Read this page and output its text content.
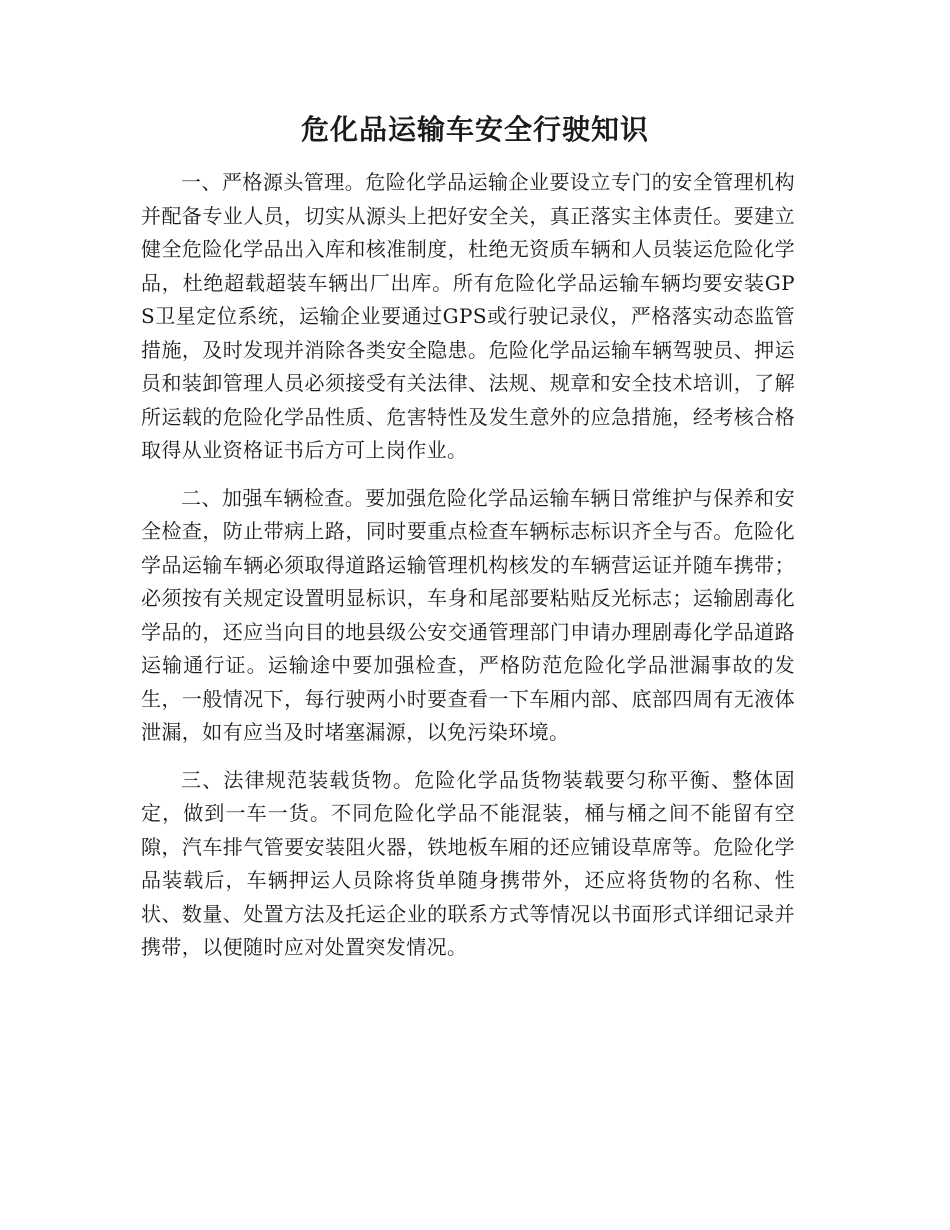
危化品运输车安全行驶知识

一、严格源头管理。危险化学品运输企业要设立专门的安全管理机构并配备专业人员，切实从源头上把好安全关，真正落实主体责任。要建立健全危险化学品出入库和核准制度，杜绝无资质车辆和人员装运危险化学品，杜绝超载超装车辆出厂出库。所有危险化学品运输车辆均要安装GPS卫星定位系统，运输企业要通过GPS或行驶记录仪，严格落实动态监管措施，及时发现并消除各类安全隐患。危险化学品运输车辆驾驶员、押运员和装卸管理人员必须接受有关法律、法规、规章和安全技术培训，了解所运载的危险化学品性质、危害特性及发生意外的应急措施，经考核合格取得从业资格证书后方可上岗作业。

二、加强车辆检查。要加强危险化学品运输车辆日常维护与保养和安全检查，防止带病上路，同时要重点检查车辆标志标识齐全与否。危险化学品运输车辆必须取得道路运输管理机构核发的车辆营运证并随车携带；必须按有关规定设置明显标识，车身和尾部要粘贴反光标志；运输剧毒化学品的，还应当向目的地县级公安交通管理部门申请办理剧毒化学品道路运输通行证。运输途中要加强检查，严格防范危险化学品泄漏事故的发生，一般情况下，每行驶两小时要查看一下车厢内部、底部四周有无液体泄漏，如有应当及时堵塞漏源，以免污染环境。

三、法律规范装载货物。危险化学品货物装载要匀称平衡、整体固定，做到一车一货。不同危险化学品不能混装，桶与桶之间不能留有空隙，汽车排气管要安装阻火器，铁地板车厢的还应铺设草席等。危险化学品装载后，车辆押运人员除将货单随身携带外，还应将货物的名称、性状、数量、处置方法及托运企业的联系方式等情况以书面形式详细记录并携带，以便随时应对处置突发情况。
